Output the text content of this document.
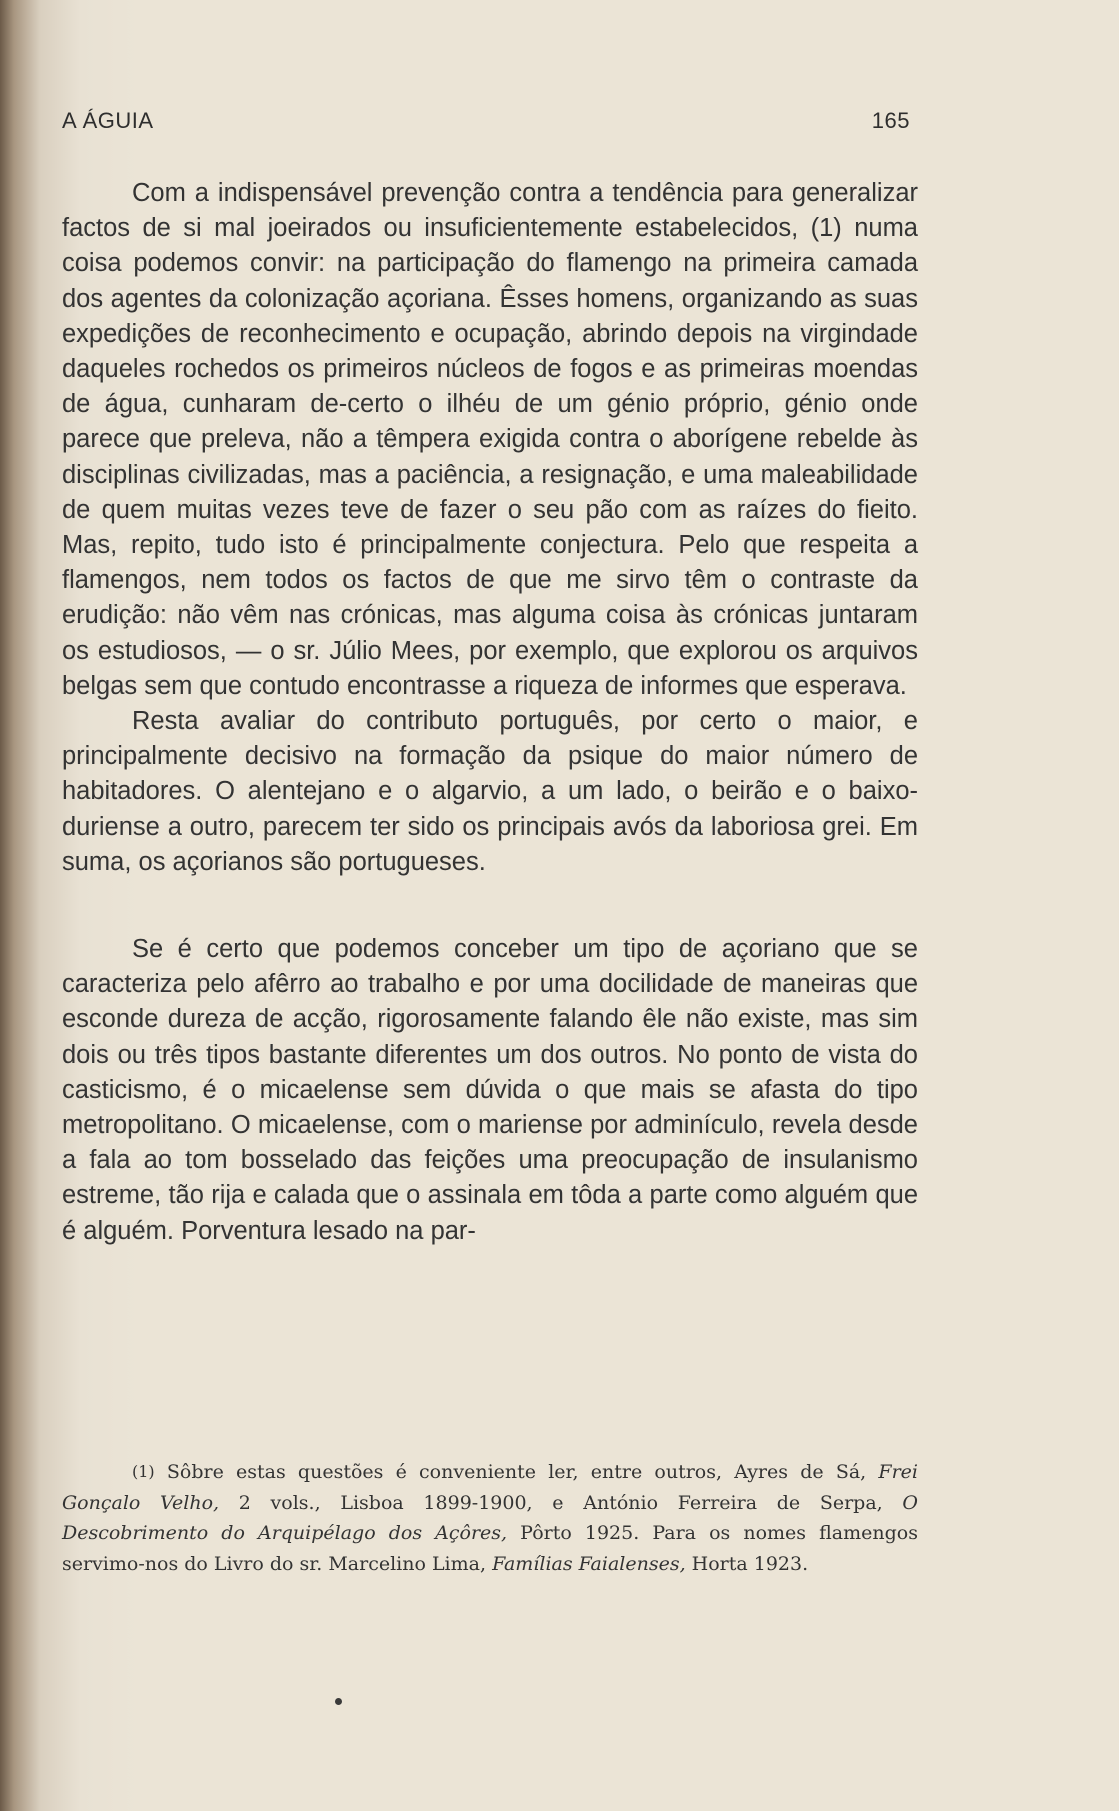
A ÁGUIA	165

Com a indispensável prevenção contra a tendência para generalizar factos de si mal joeirados ou insuficientemente estabelecidos, (1) numa coisa podemos convir: na participação do flamengo na primeira camada dos agentes da colonização açoriana. Êsses homens, organizando as suas expedições de reconhecimento e ocupação, abrindo depois na virgindade daqueles rochedos os primeiros núcleos de fogos e as primeiras moendas de água, cunharam de-certo o ilhéu de um génio próprio, génio onde parece que preleva, não a têmpera exigida contra o aborígene rebelde às disciplinas civilizadas, mas a paciência, a resignação, e uma maleabilidade de quem muitas vezes teve de fazer o seu pão com as raízes do fieito. Mas, repito, tudo isto é principalmente conjectura. Pelo que respeita a flamengos, nem todos os factos de que me sirvo têm o contraste da erudição: não vêm nas crónicas, mas alguma coisa às crónicas juntaram os estudiosos, — o sr. Júlio Mees, por exemplo, que explorou os arquivos belgas sem que contudo encontrasse a riqueza de informes que esperava.

Resta avaliar do contributo português, por certo o maior, e principalmente decisivo na formação da psique do maior número de habitadores. O alentejano e o algarvio, a um lado, o beirão e o baixo-duriense a outro, parecem ter sido os principais avós da laboriosa grei. Em suma, os açorianos são portugueses.

Se é certo que podemos conceber um tipo de açoriano que se caracteriza pelo afêrro ao trabalho e por uma docilidade de maneiras que esconde dureza de acção, rigorosamente falando êle não existe, mas sim dois ou três tipos bastante diferentes um dos outros. No ponto de vista do casticismo, é o micaelense sem dúvida o que mais se afasta do tipo metropolitano. O micaelense, com o mariense por adminículo, revela desde a fala ao tom bosselado das feições uma preocupação de insulanismo estreme, tão rija e calada que o assinala em tôda a parte como alguém que é alguém. Porventura lesado na par-

$^{(1)}$ Sôbre estas questões é conveniente ler, entre outros, Ayres de Sá, Frei Gonçalo Velho, 2 vols., Lisboa 1899-1900, e António Ferreira de Serpa, O Descobrimento do Arquipélago dos Açôres, Pôrto 1925. Para os nomes flamengos servimo-nos do Livro do sr. Marcelino Lima, Famílias Faialenses, Horta 1923.
